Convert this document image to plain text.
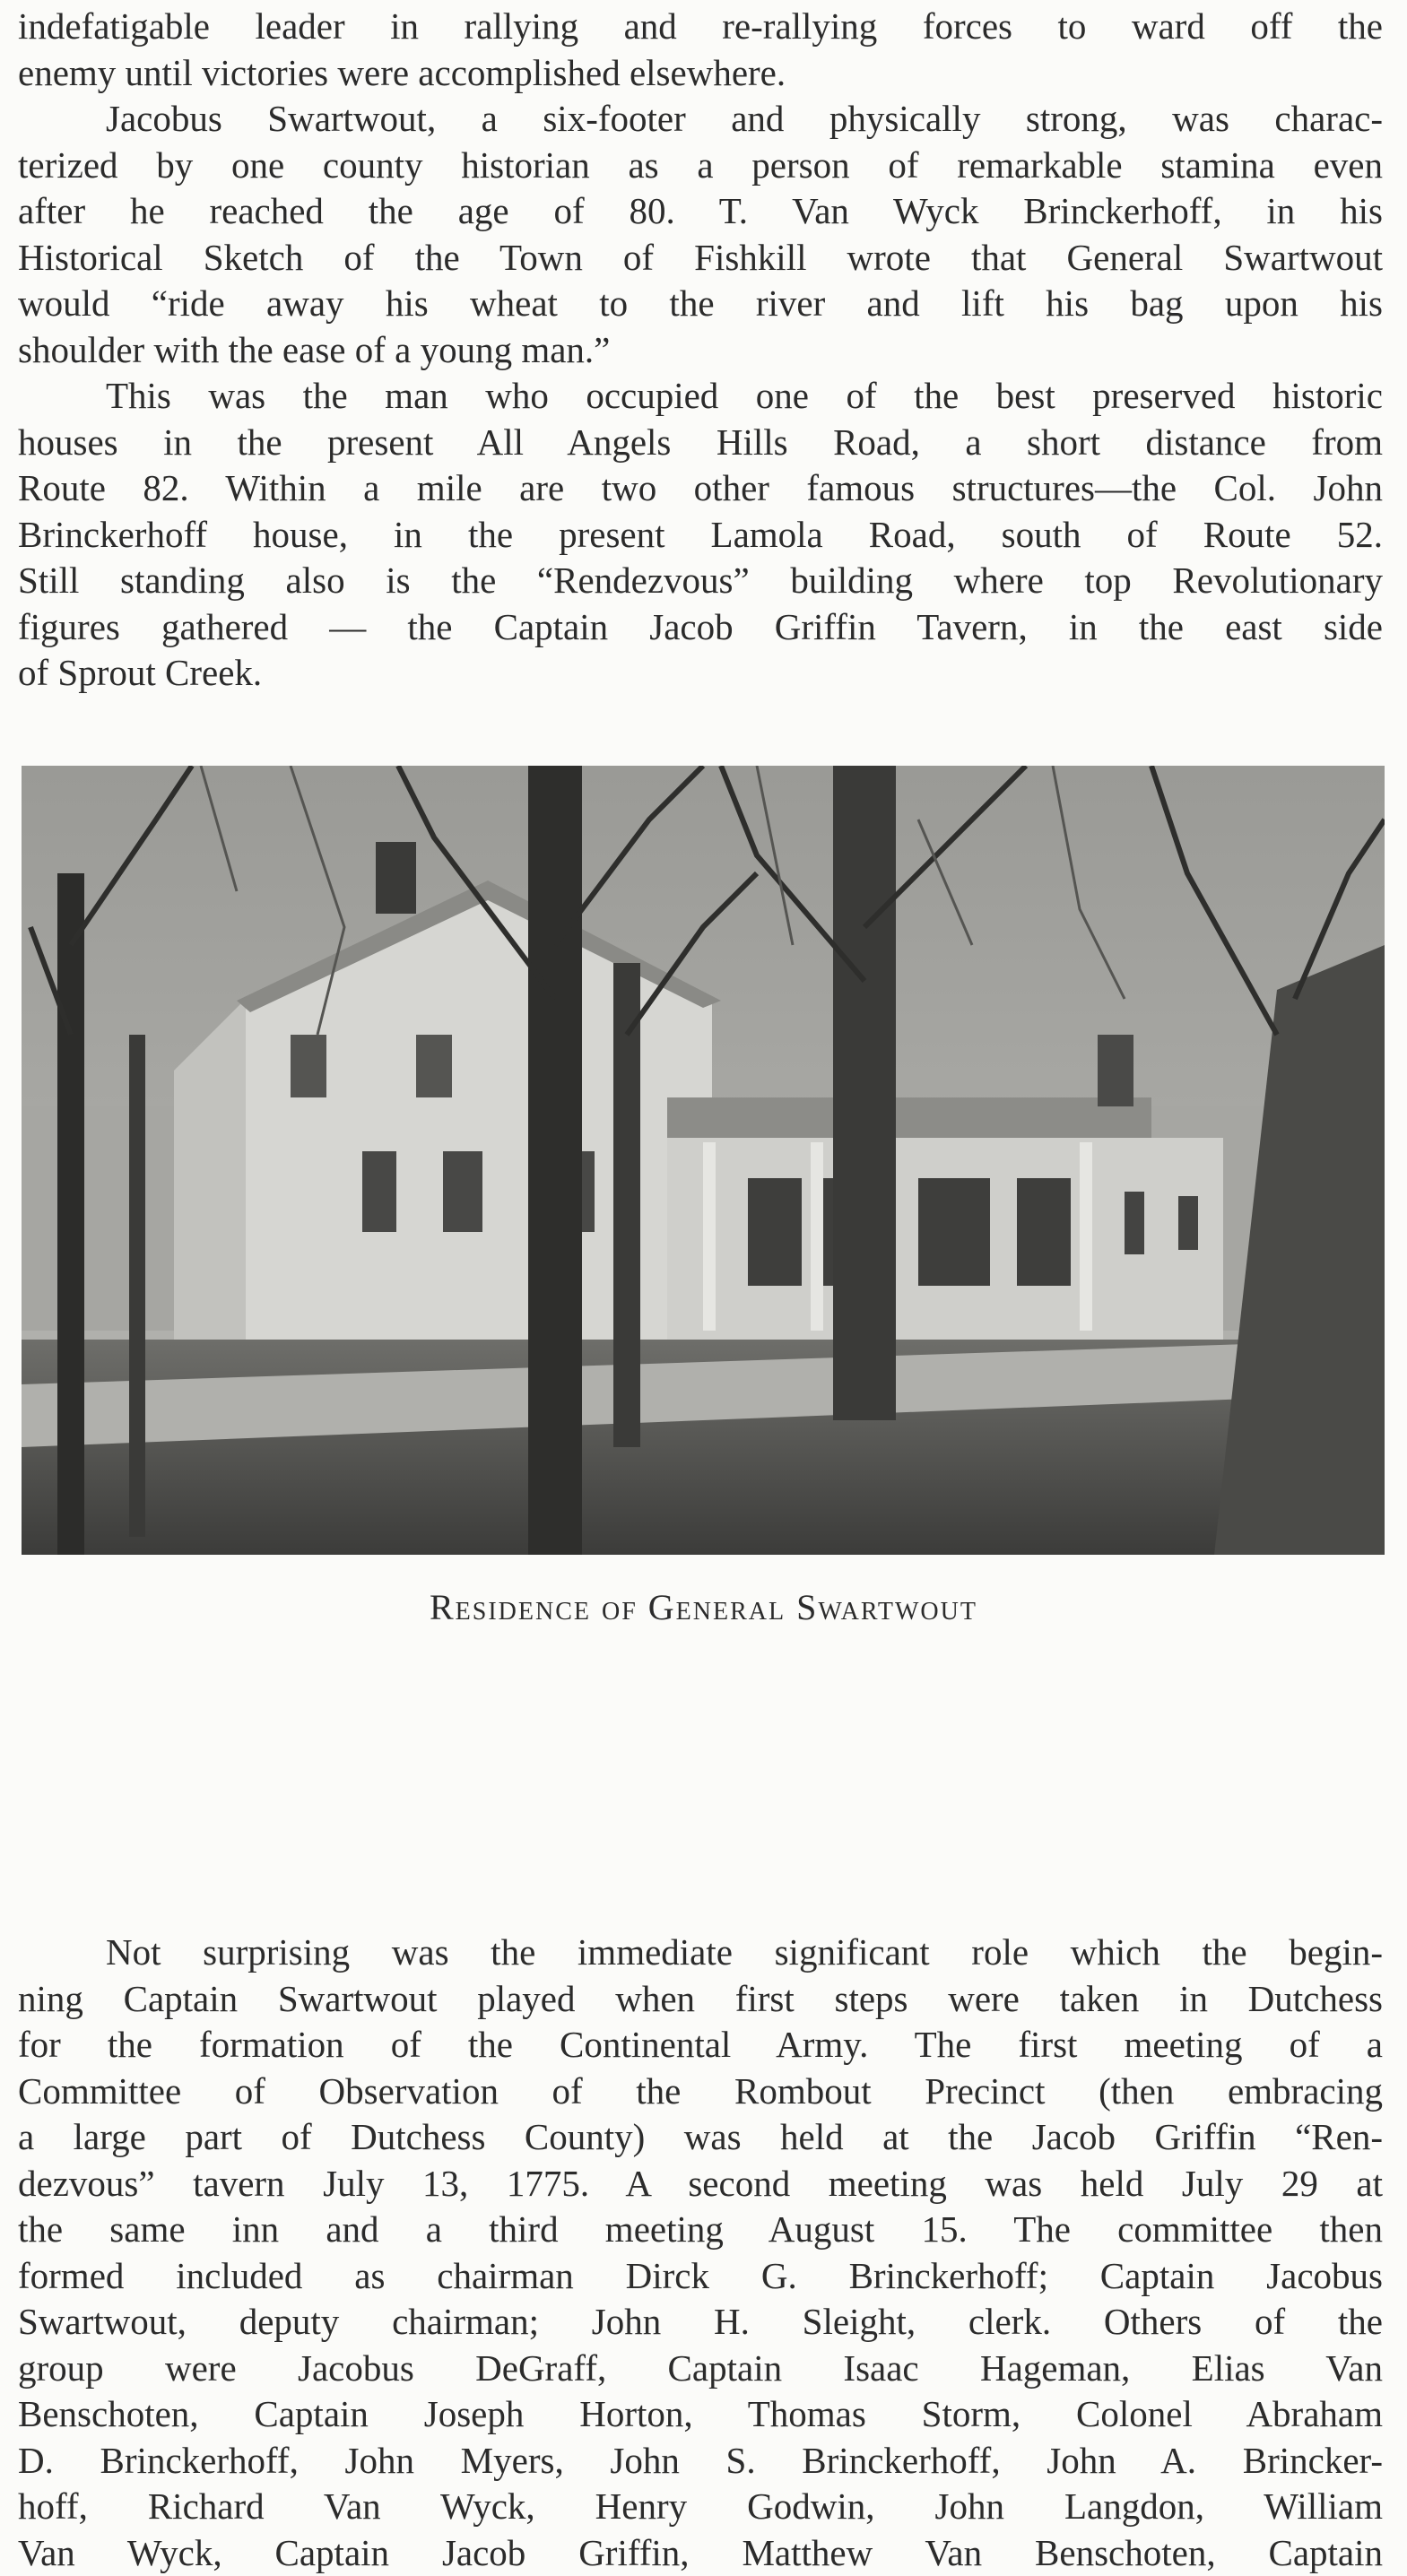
indefatigable leader in rallying and re-rallying forces to ward off the
enemy until victories were accomplished elsewhere.
Jacobus Swartwout, a six-footer and physically strong, was charac-
terized by one county historian as a person of remarkable stamina even
after he reached the age of 80. T. Van Wyck Brinckerhoff, in his
Historical Sketch of the Town of Fishkill wrote that General Swartwout
would “ride away his wheat to the river and lift his bag upon his
shoulder with the ease of a young man.”
This was the man who occupied one of the best preserved historic
houses in the present All Angels Hills Road, a short distance from
Route 82. Within a mile are two other famous structures—the Col. John
Brinckerhoff house, in the present Lamola Road, south of Route 52.
Still standing also is the “Rendezvous” building where top Revolutionary
figures gathered — the Captain Jacob Griffin Tavern, in the east side
of Sprout Creek.
Residence of General Swartwout
Not surprising was the immediate significant role which the begin-
ning Captain Swartwout played when first steps were taken in Dutchess
for the formation of the Continental Army. The first meeting of a
Committee of Observation of the Rombout Precinct (then embracing
a large part of Dutchess County) was held at the Jacob Griffin “Ren-
dezvous” tavern July 13, 1775. A second meeting was held July 29 at
the same inn and a third meeting August 15. The committee then
formed included as chairman Dirck G. Brinckerhoff; Captain Jacobus
Swartwout, deputy chairman; John H. Sleight, clerk. Others of the
group were Jacobus DeGraff, Captain Isaac Hageman, Elias Van
Benschoten, Captain Joseph Horton, Thomas Storm, Colonel Abraham
D. Brinckerhoff, John Myers, John S. Brinckerhoff, John A. Brincker-
hoff, Richard Van Wyck, Henry Godwin, John Langdon, William
Van Wyck, Captain Jacob Griffin, Matthew Van Benschoten, Captain
